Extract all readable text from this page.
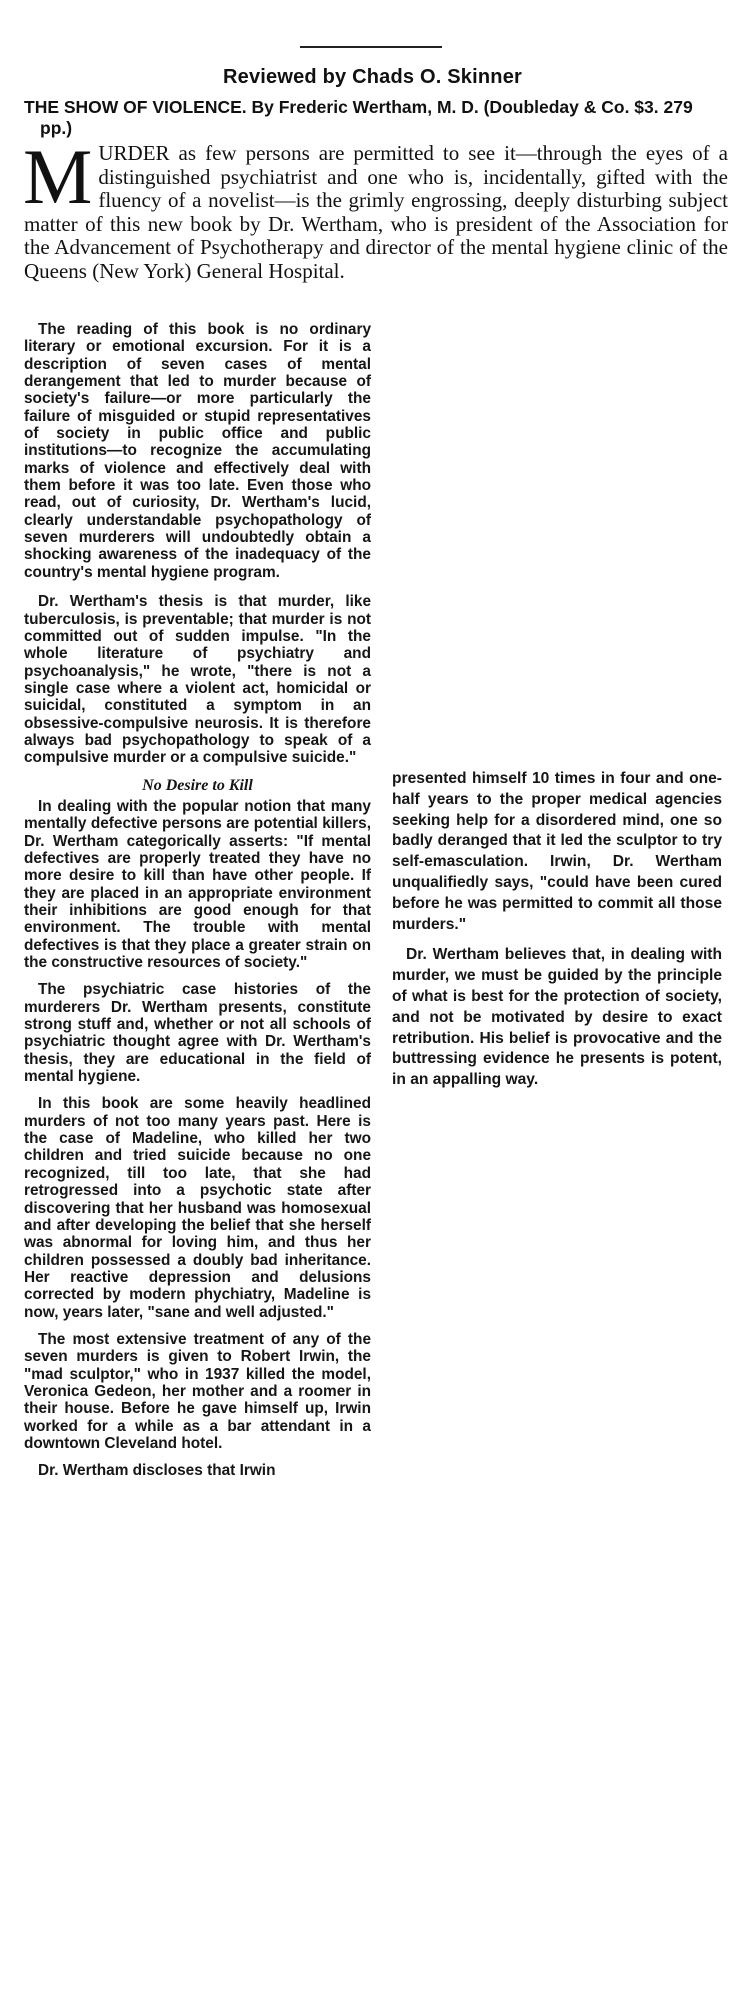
Reviewed by Chads O. Skinner
THE SHOW OF VIOLENCE. By Frederic Wertham, M. D. (Doubleday & Co. $3. 279 pp.)
MURDER as few persons are permitted to see it—through the eyes of a distinguished psychiatrist and one who is, incidentally, gifted with the fluency of a novelist—is the grimly engrossing, deeply disturbing subject matter of this new book by Dr. Wertham, who is president of the Association for the Advancement of Psychotherapy and director of the mental hygiene clinic of the Queens (New York) General Hospital.

The reading of this book is no ordinary literary or emotional excursion. For it is a description of seven cases of mental derangement that led to murder because of society's failure—or more particularly the failure of misguided or stupid representatives of society in public office and public institutions—to recognize the accumulating marks of violence and effectively deal with them before it was too late. Even those who read, out of curiosity, Dr. Wertham's lucid, clearly understandable psychopathology of seven murderers will undoubtedly obtain a shocking awareness of the inadequacy of the country's mental hygiene program.

Dr. Wertham's thesis is that murder, like tuberculosis, is preventable; that murder is not committed out of sudden impulse. "In the whole literature of psychiatry and psychoanalysis," he wrote, "there is not a single case where a violent act, homicidal or suicidal, constituted a symptom in an obsessive-compulsive neurosis. It is therefore always bad psychopathology to speak of a compulsive murder or a compulsive suicide."

No Desire to Kill

In dealing with the popular notion that many mentally defective persons are potential killers, Dr. Wertham categorically asserts: "If mental defectives are properly treated they have no more desire to kill than have other people. If they are placed in an appropriate environment their inhibitions are good enough for that environment. The trouble with mental defectives is that they place a greater strain on the constructive resources of society."

The psychiatric case histories of the murderers Dr. Wertham presents, constitute strong stuff and, whether or not all schools of psychiatric thought agree with Dr. Wertham's thesis, they are educational in the field of mental hygiene.

In this book are some heavily headlined murders of not too many years past. Here is the case of Madeline, who killed her two children and tried suicide because no one recognized, till too late, that she had retrogressed into a psychotic state after discovering that her husband was homosexual and after developing the belief that she herself was abnormal for loving him, and thus her children possessed a doubly bad inheritance. Her reactive depression and delusions corrected by modern phychiatry, Madeline is now, years later, "sane and well adjusted."

The most extensive treatment of any of the seven murders is given to Robert Irwin, the "mad sculptor," who in 1937 killed the model, Veronica Gedeon, her mother and a roomer in their house. Before he gave himself up, Irwin worked for a while as a bar attendant in a downtown Cleveland hotel.

Dr. Wertham discloses that Irwin

presented himself 10 times in four and one-half years to the proper medical agencies seeking help for a disordered mind, one so badly deranged that it led the sculptor to try self-emasculation. Irwin, Dr. Wertham unqualifiedly says, "could have been cured before he was permitted to commit all those murders."

Dr. Wertham believes that, in dealing with murder, we must be guided by the principle of what is best for the protection of society, and not be motivated by desire to exact retribution. His belief is provocative and the buttressing evidence he presents is potent, in an appalling way.
